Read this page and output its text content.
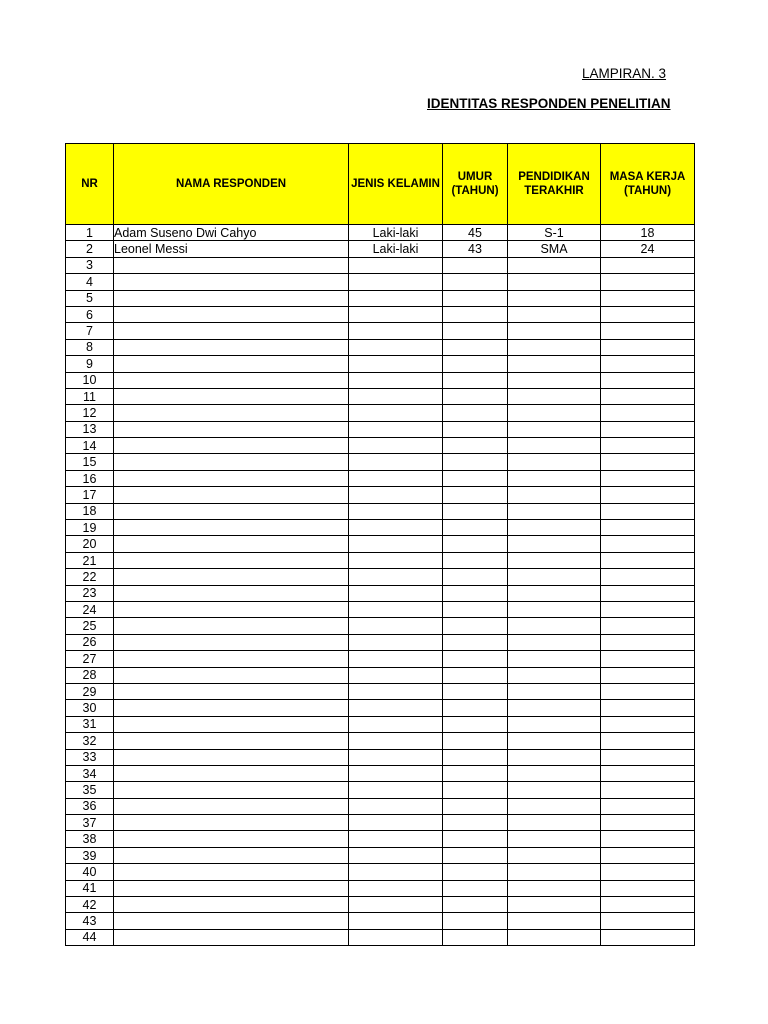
LAMPIRAN. 3
IDENTITAS RESPONDEN PENELITIAN
NR	NAMA RESPONDEN	JENIS KELAMIN	UMUR (TAHUN)	PENDIDIKAN TERAKHIR	MASA KERJA (TAHUN)
1	Adam Suseno Dwi Cahyo	Laki-laki	45	S-1	18
2	Leonel Messi	Laki-laki	43	SMA	24
3					
4					
5					
6					
7					
8					
9					
10					
11					
12					
13					
14					
15					
16					
17					
18					
19					
20					
21					
22					
23					
24					
25					
26					
27					
28					
29					
30					
31					
32					
33					
34					
35					
36					
37					
38					
39					
40					
41					
42					
43					
44					
